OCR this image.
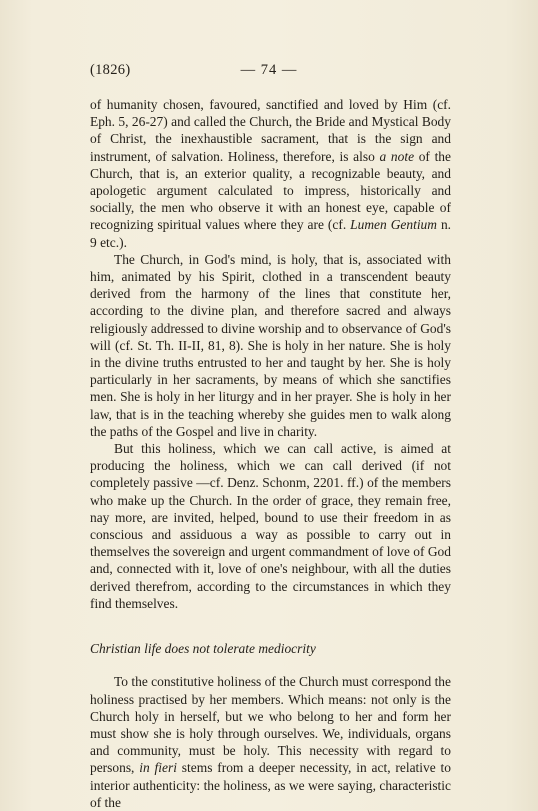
(1826)	— 74 —

of humanity chosen, favoured, sanctified and loved by Him (cf. Eph. 5, 26-27) and called the Church, the Bride and Mystical Body of Christ, the inexhaustible sacrament, that is the sign and instrument, of salvation. Holiness, therefore, is also a note of the Church, that is, an exterior quality, a recognizable beauty, and apologetic argument calculated to impress, historically and socially, the men who observe it with an honest eye, capable of recognizing spiritual values where they are (cf. Lumen Gentium n. 9 etc.).

The Church, in God's mind, is holy, that is, associated with him, animated by his Spirit, clothed in a transcendent beauty derived from the harmony of the lines that constitute her, according to the divine plan, and therefore sacred and always religiously addressed to divine worship and to observance of God's will (cf. St. Th. II-II, 81, 8). She is holy in her nature. She is holy in the divine truths entrusted to her and taught by her. She is holy particularly in her sacraments, by means of which she sanctifies men. She is holy in her liturgy and in her prayer. She is holy in her law, that is in the teaching whereby she guides men to walk along the paths of the Gospel and live in charity.

But this holiness, which we can call active, is aimed at producing the holiness, which we can call derived (if not completely passive —cf. Denz. Schonm, 2201. ff.) of the members who make up the Church. In the order of grace, they remain free, nay more, are invited, helped, bound to use their freedom in as conscious and assiduous a way as possible to carry out in themselves the sovereign and urgent commandment of love of God and, connected with it, love of one's neighbour, with all the duties derived therefrom, according to the circumstances in which they find themselves.

Christian life does not tolerate mediocrity

To the constitutive holiness of the Church must correspond the holiness practised by her members. Which means: not only is the Church holy in herself, but we who belong to her and form her must show she is holy through ourselves. We, individuals, organs and community, must be holy. This necessity with regard to persons, in fieri stems from a deeper necessity, in act, relative to interior authenticity: the holiness, as we were saying, characteristic of the
